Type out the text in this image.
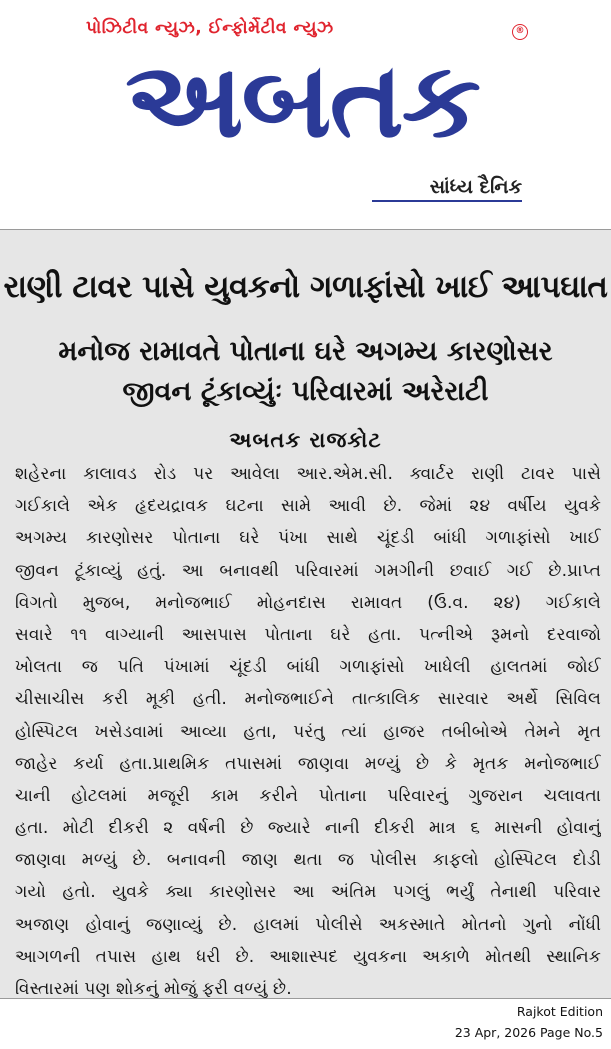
પોઝિટીવ ન્યુઝ, ઈન્ફોર્મેટીવ ન્યુઝ	®
અબતક
સાંધ્ય દૈનિક
રાણી ટાવર પાસે યુવકનો ગળાફાંસો ખાઈ આપઘાત
મનોજ રામાવતે પોતાના ઘરે અગમ્ય કારણોસર
જીવન ટૂંકાવ્યુંઃ પરિવારમાં અરેરાટી
અબતક રાજકોટ
શહેરના કાલાવડ રોડ પર આવેલા આર.એમ.સી. ક્વાર્ટર રાણી ટાવર પાસે
ગઈકાલે એક હૃદયદ્રાવક ઘટના સામે આવી છે. જેમાં ૨૪ વર્ષીય યુવકે
અગમ્ય કારણોસર પોતાના ઘરે પંખા સાથે ચૂંદડી બાંધી ગળાફાંસો ખાઈ
જીવન ટૂંકાવ્યું હતું. આ બનાવથી પરિવારમાં ગમગીની છવાઈ ગઈ છે.પ્રાપ્ત
વિગતો મુજબ, મનોજભાઈ મોહનદાસ રામાવત (ઉ.વ. ૨૪) ગઈકાલે
સવારે ૧૧ વાગ્યાની આસપાસ પોતાના ઘરે હતા. પત્નીએ રૂમનો દરવાજો
ખોલતા જ પતિ પંખામાં ચૂંદડી બાંધી ગળાફાંસો ખાધેલી હાલતમાં જોઈ
ચીસાચીસ કરી મૂકી હતી. મનોજભાઈને તાત્કાલિક સારવાર અર્થે સિવિલ
હોસ્પિટલ ખસેડવામાં આવ્યા હતા, પરંતુ ત્યાં હાજર તબીબોએ તેમને મૃત
જાહેર કર્યા હતા.પ્રાથમિક તપાસમાં જાણવા મળ્યું છે કે મૃતક મનોજભાઈ
ચાની હોટલમાં મજૂરી કામ કરીને પોતાના પરિવારનું ગુજરાન ચલાવતા
હતા. મોટી દીકરી ૨ વર્ષની છે જ્યારે નાની દીકરી માત્ર ૬ માસની હોવાનું
જાણવા મળ્યું છે. બનાવની જાણ થતા જ પોલીસ કાફલો હોસ્પિટલ દોડી
ગયો હતો. યુવકે ક્યા કારણોસર આ અંતિમ પગલું ભર્યું તેનાથી પરિવાર
અજાણ હોવાનું જણાવ્યું છે. હાલમાં પોલીસે અકસ્માતે મોતનો ગુનો નોંધી
આગળની તપાસ હાથ ધરી છે. આશાસ્પદ યુવકના અકાળે મોતથી સ્થાનિક
વિસ્તારમાં પણ શોકનું મોજું ફરી વળ્યું છે.
Rajkot Edition
23 Apr, 2026 Page No.5
